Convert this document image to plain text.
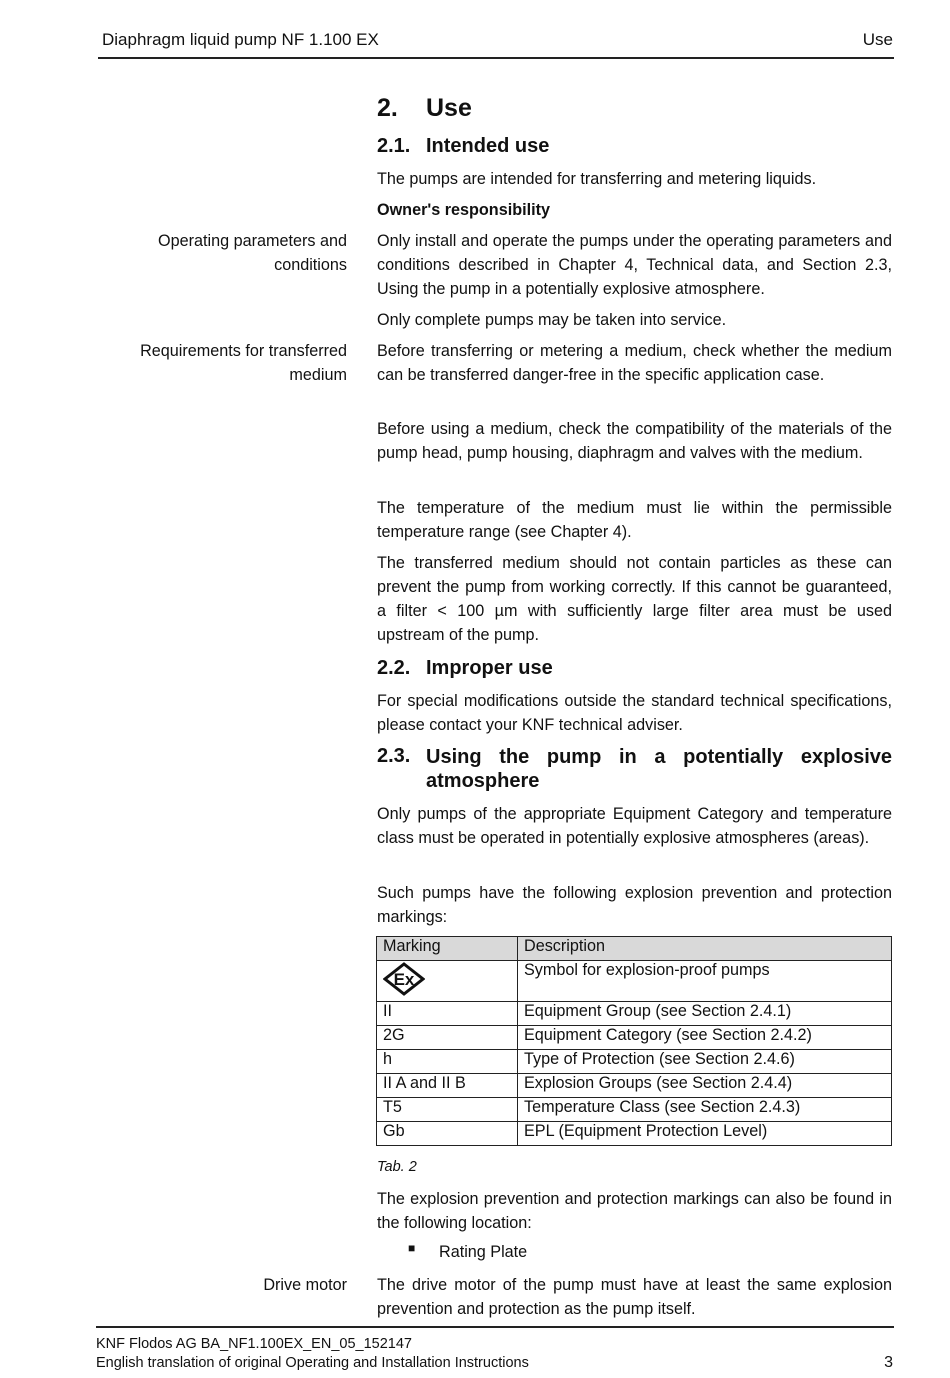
Diaphragm liquid pump NF 1.100 EX	Use
2. Use
2.1. Intended use
The pumps are intended for transferring and metering liquids.
Owner's responsibility
Operating parameters and conditions
Only install and operate the pumps under the operating parameters and conditions described in Chapter 4, Technical data, and Section 2.3, Using the pump in a potentially explosive atmosphere.
Only complete pumps may be taken into service.
Requirements for transferred medium
Before transferring or metering a medium, check whether the medium can be transferred danger-free in the specific application case.
Before using a medium, check the compatibility of the materials of the pump head, pump housing, diaphragm and valves with the medium.
The temperature of the medium must lie within the permissible temperature range (see Chapter 4).
The transferred medium should not contain particles as these can prevent the pump from working correctly. If this cannot be guaranteed, a filter < 100 µm with sufficiently large filter area must be used upstream of the pump.
2.2. Improper use
For special modifications outside the standard technical specifications, please contact your KNF technical adviser.
2.3. Using the pump in a potentially explosive atmosphere
Only pumps of the appropriate Equipment Category and temperature class must be operated in potentially explosive atmospheres (areas).
Such pumps have the following explosion prevention and protection markings:
Marking	Description

Ex	Symbol for explosion-proof pumps
II	Equipment Group (see Section 2.4.1)
2G	Equipment Category (see Section 2.4.2)
h	Type of Protection (see Section 2.4.6)
II A and II B	Explosion Groups (see Section 2.4.4)
T5	Temperature Class (see Section 2.4.3)
Gb	EPL (Equipment Protection Level)
Tab. 2
The explosion prevention and protection markings can also be found in the following location:
■ Rating Plate
Drive motor The drive motor of the pump must have at least the same explosion prevention and protection as the pump itself.
KNF Flodos AG BA_NF1.100EX_EN_05_152147
English translation of original Operating and Installation Instructions	3
